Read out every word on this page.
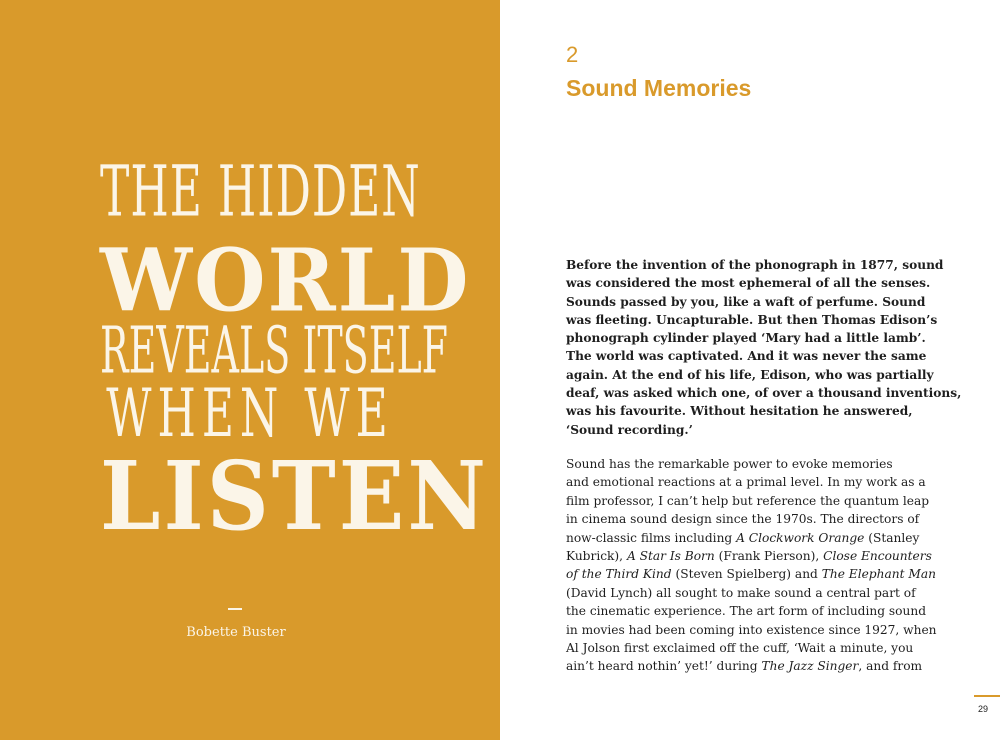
THE HIDDEN
WORLD
REVEALS ITSELF
WHEN WE
LISTEN
Bobette Buster
2
Sound Memories
Before the invention of the phonograph in 1877, sound
was considered the most ephemeral of all the senses.
Sounds passed by you, like a waft of perfume. Sound
was fleeting. Uncapturable. But then Thomas Edison’s
phonograph cylinder played ‘Mary had a little lamb’.
The world was captivated. And it was never the same
again. At the end of his life, Edison, who was partially
deaf, was asked which one, of over a thousand inventions,
was his favourite. Without hesitation he answered,
‘Sound recording.’
Sound has the remarkable power to evoke memories
and emotional reactions at a primal level. In my work as a
film professor, I can’t help but reference the quantum leap
in cinema sound design since the 1970s. The directors of
now-classic films including A Clockwork Orange (Stanley
Kubrick), A Star Is Born (Frank Pierson), Close Encounters
of the Third Kind (Steven Spielberg) and The Elephant Man
(David Lynch) all sought to make sound a central part of
the cinematic experience. The art form of including sound
in movies had been coming into existence since 1927, when
Al Jolson first exclaimed off the cuff, ‘Wait a minute, you
ain’t heard nothin’ yet!’ during The Jazz Singer, and from
29
